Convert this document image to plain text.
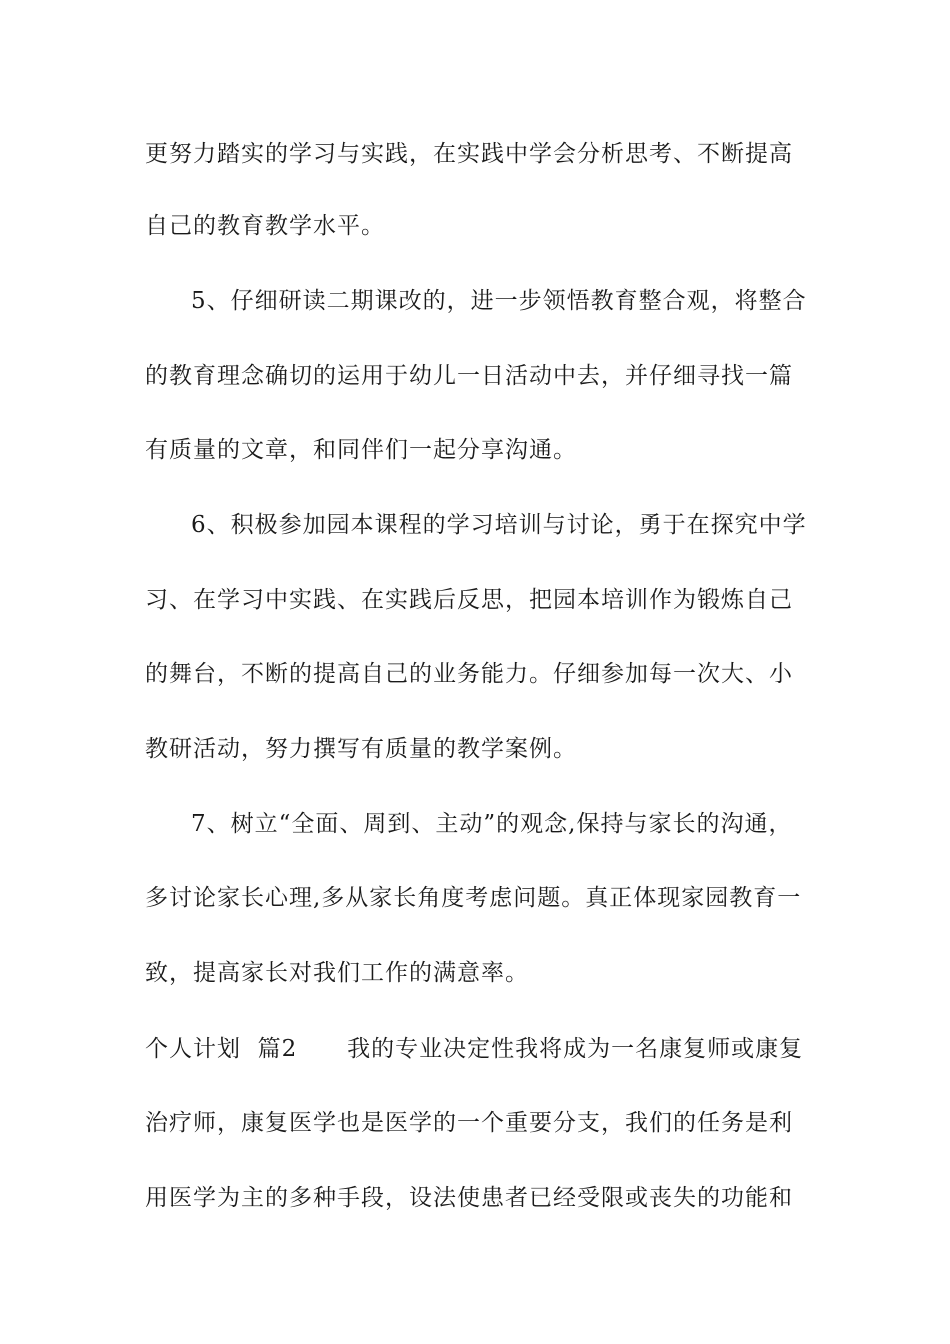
更努力踏实的学习与实践，在实践中学会分析思考、不断提高
自己的教育教学水平。
5、仔细研读二期课改的，进一步领悟教育整合观，将整合
的教育理念确切的运用于幼儿一日活动中去，并仔细寻找一篇
有质量的文章，和同伴们一起分享沟通。
6、积极参加园本课程的学习培训与讨论，勇于在探究中学
习、在学习中实践、在实践后反思，把园本培训作为锻炼自己
的舞台，不断的提高自己的业务能力。仔细参加每一次大、小
教研活动，努力撰写有质量的教学案例。
7、树立“全面、周到、主动”的观念,保持与家长的沟通，
多讨论家长心理,多从家长角度考虑问题。真正体现家园教育一
致，提高家长对我们工作的满意率。
个人计划  篇2      我的专业决定性我将成为一名康复师或康复
治疗师，康复医学也是医学的一个重要分支，我们的任务是利
用医学为主的多种手段，设法使患者已经受限或丧失的功能和
